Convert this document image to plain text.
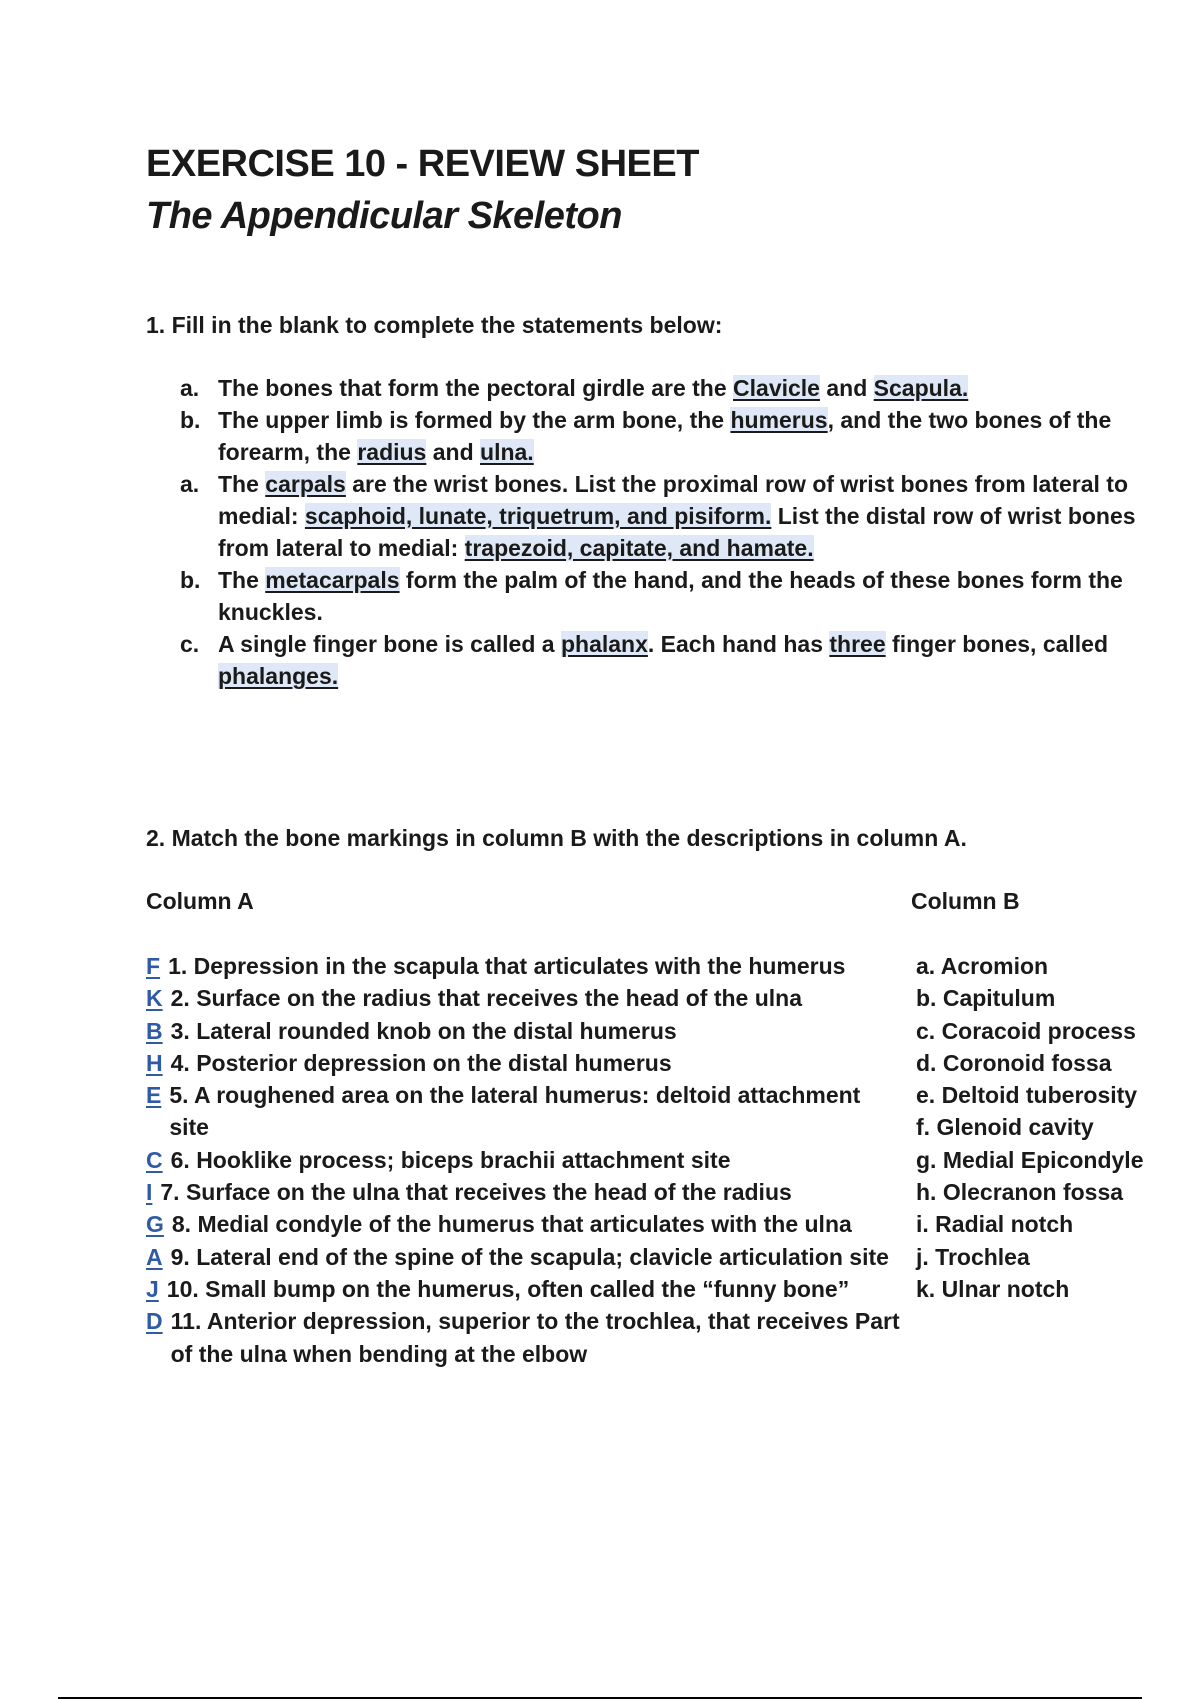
EXERCISE 10 - REVIEW SHEET
The Appendicular Skeleton
1. Fill in the blank to complete the statements below:
a. The bones that form the pectoral girdle are the Clavicle and Scapula.
b. The upper limb is formed by the arm bone, the humerus, and the two bones of the forearm, the radius and ulna.
a. The carpals are the wrist bones. List the proximal row of wrist bones from lateral to medial: scaphoid, lunate, triquetrum, and pisiform. List the distal row of wrist bones from lateral to medial: trapezoid, capitate, and hamate.
b. The metacarpals form the palm of the hand, and the heads of these bones form the knuckles.
c. A single finger bone is called a phalanx. Each hand has three finger bones, called phalanges.
2. Match the bone markings in column B with the descriptions in column A.
Column A	Column B
F 1. Depression in the scapula that articulates with the humerus
K 2. Surface on the radius that receives the head of the ulna
B 3. Lateral rounded knob on the distal humerus
H 4. Posterior depression on the distal humerus
E 5. A roughened area on the lateral humerus: deltoid attachment site
C 6. Hooklike process; biceps brachii attachment site
I 7. Surface on the ulna that receives the head of the radius
G 8. Medial condyle of the humerus that articulates with the ulna
A 9. Lateral end of the spine of the scapula; clavicle articulation site
J 10. Small bump on the humerus, often called the “funny bone”
D 11. Anterior depression, superior to the trochlea, that receives Part of the ulna when bending at the elbow
a. Acromion
b. Capitulum
c. Coracoid process
d. Coronoid fossa
e. Deltoid tuberosity
f. Glenoid cavity
g. Medial Epicondyle
h. Olecranon fossa
i. Radial notch
j. Trochlea
k. Ulnar notch
